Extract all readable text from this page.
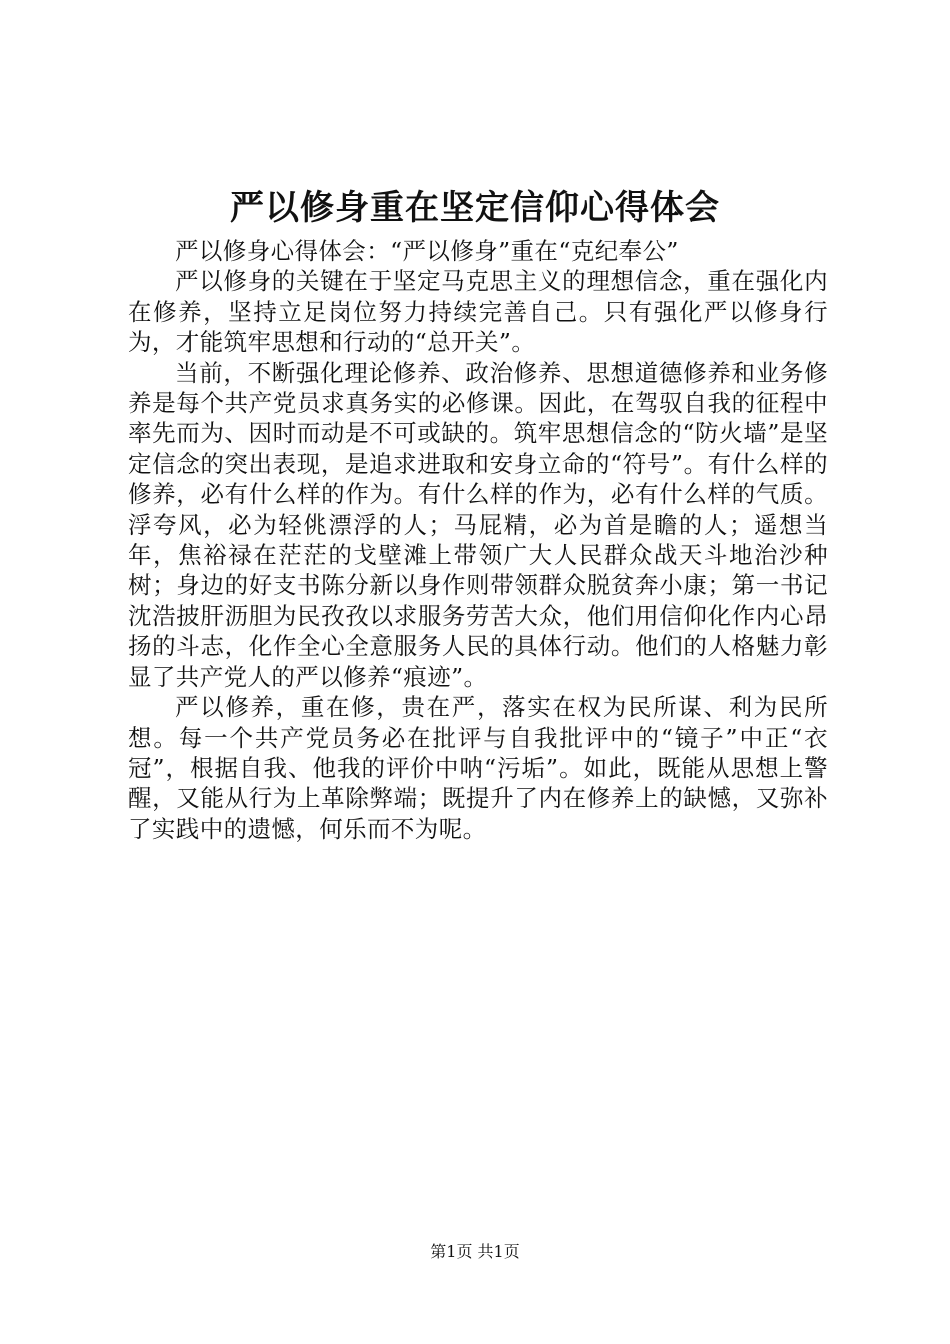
严以修身重在坚定信仰心得体会

严以修身心得体会：“严以修身”重在“克纪奉公”

严以修身的关键在于坚定马克思主义的理想信念，重在强化内在修养，坚持立足岗位努力持续完善自己。只有强化严以修身行为，才能筑牢思想和行动的“总开关”。

当前，不断强化理论修养、政治修养、思想道德修养和业务修养是每个共产党员求真务实的必修课。因此，在驾驭自我的征程中率先而为、因时而动是不可或缺的。筑牢思想信念的“防火墙”是坚定信念的突出表现，是追求进取和安身立命的“符号”。有什么样的修养，必有什么样的作为。有什么样的作为，必有什么样的气质。浮夸风，必为轻佻漂浮的人；马屁精，必为首是瞻的人；遥想当年，焦裕禄在茫茫的戈壁滩上带领广大人民群众战天斗地治沙种树；身边的好支书陈分新以身作则带领群众脱贫奔小康；第一书记沈浩披肝沥胆为民孜孜以求服务劳苦大众，他们用信仰化作内心昂扬的斗志，化作全心全意服务人民的具体行动。他们的人格魅力彰显了共产党人的严以修养“痕迹”。

严以修养，重在修，贵在严，落实在权为民所谋、利为民所想。每一个共产党员务必在批评与自我批评中的“镜子”中正“衣冠”，根据自我、他我的评价中呐“污垢”。如此，既能从思想上警醒，又能从行为上革除弊端；既提升了内在修养上的缺憾，又弥补了实践中的遗憾，何乐而不为呢。

第1页 共1页
